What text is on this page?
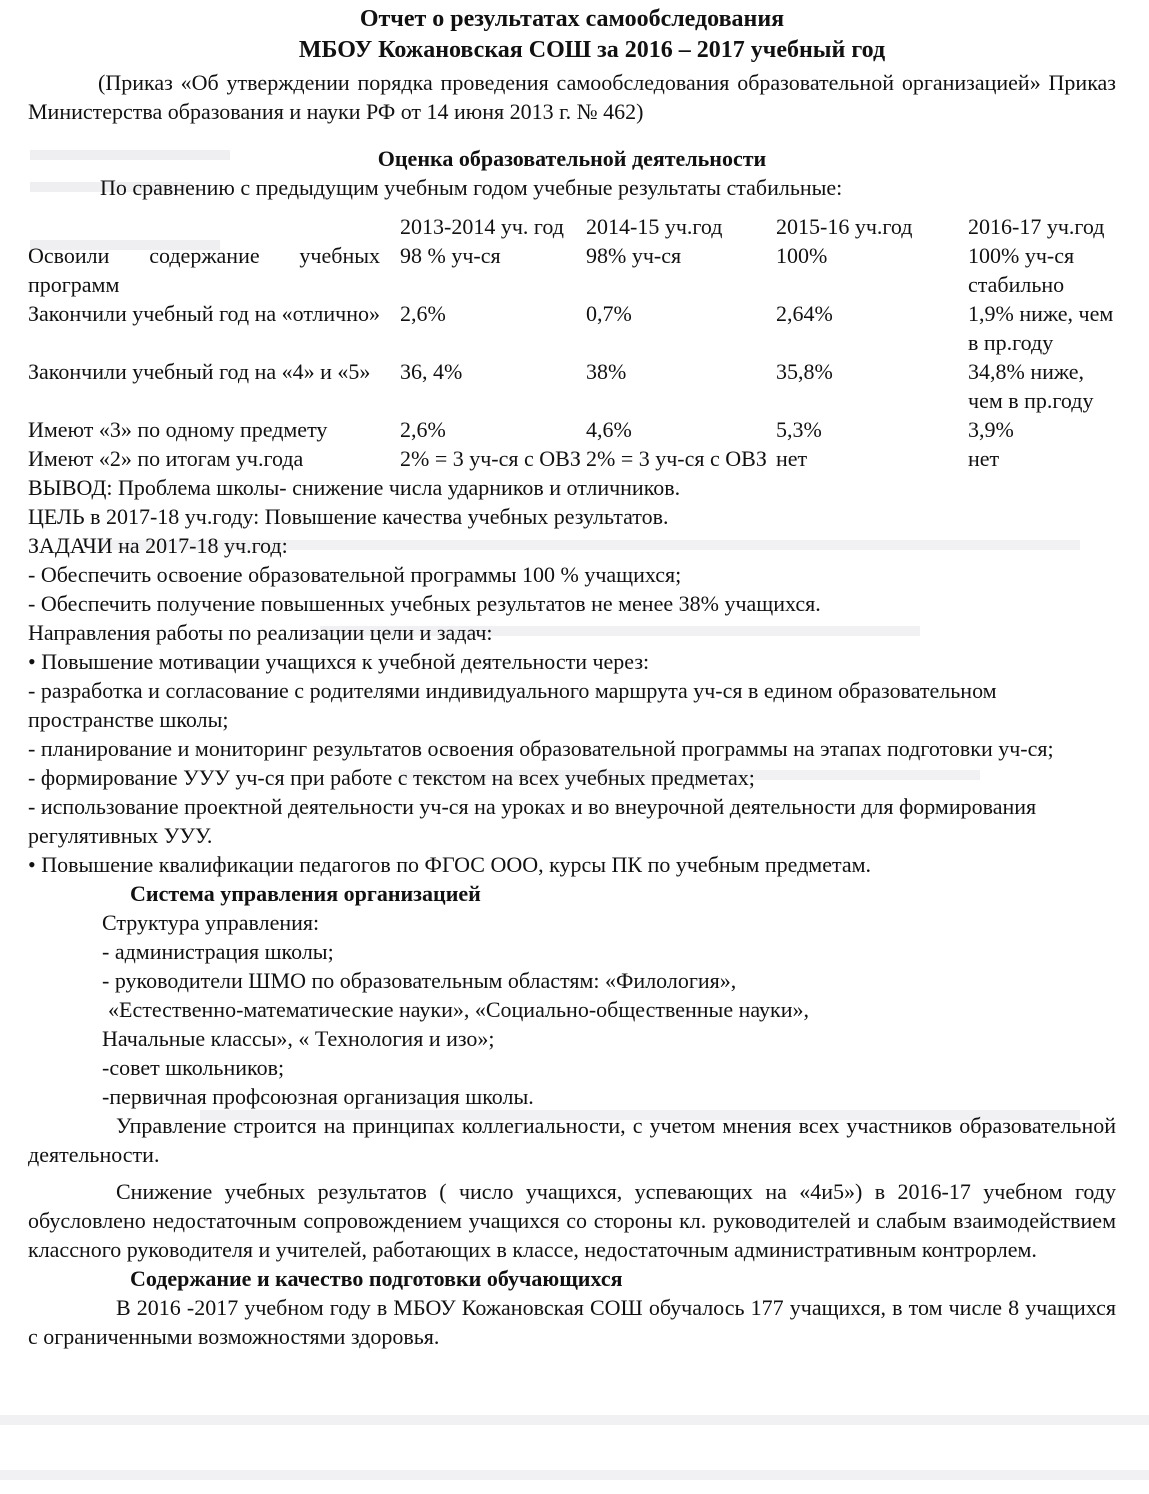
Отчет о результатах самообследования

МБОУ Кожановская СОШ за 2016 – 2017 учебный год

(Приказ «Об утверждении порядка проведения самообследования образовательной организацией» Приказ Министерства образования и науки РФ от 14 июня 2013 г. № 462)

Оценка образовательной деятельности

По сравнению с предыдущим учебным годом учебные результаты стабильные:

	2013-2014 уч. год	2014-15 уч.год	2015-16 уч.год	2016-17 уч.год
Освоили содержание учебных программ	98 % уч-ся	98% уч-ся	100%	100% уч-ся стабильно
Закончили учебный год на «отлично»	2,6%	0,7%	2,64%	1,9% ниже, чем в пр.году
Закончили учебный год на «4» и «5»	36, 4%	38%	35,8%	34,8% ниже, чем в пр.году
Имеют «3» по одному предмету	2,6%	4,6%	5,3%	3,9%
Имеют «2» по итогам уч.года	2% = 3 уч-ся с ОВЗ	2% = 3 уч-ся с ОВЗ	нет	нет

ВЫВОД: Проблема школы- снижение числа ударников и отличников.

ЦЕЛЬ в 2017-18 уч.году: Повышение качества учебных результатов.

ЗАДАЧИ на 2017-18 уч.год:

- Обеспечить освоение образовательной программы 100 % учащихся;

- Обеспечить получение повышенных учебных результатов не менее 38% учащихся.

Направления работы по реализации цели и задач:

• Повышение мотивации учащихся к учебной деятельности через:

- разработка и согласование с родителями индивидуального маршрута уч-ся в едином образовательном пространстве школы;

- планирование и мониторинг результатов освоения образовательной программы на этапах подготовки уч-ся;

- формирование УУУ уч-ся при работе с текстом на всех учебных предметах;

- использование проектной деятельности уч-ся на уроках и во внеурочной деятельности для формирования регулятивных УУУ.

• Повышение квалификации педагогов по ФГОС ООО, курсы ПК по учебным предметам.

Система управления организацией

Структура управления:

- администрация школы;

- руководители ШМО по образовательным областям: «Филология»,

«Естественно-математические науки», «Социально-общественные науки»,

Начальные классы», « Технология и изо»;

-совет школьников;

-первичная профсоюзная организация школы.

Управление строится на принципах коллегиальности, с учетом мнения всех участников образовательной деятельности.

Снижение учебных результатов ( число учащихся, успевающих на «4и5») в 2016-17 учебном году обусловлено недостаточным сопровождением учащихся со стороны кл. руководителей и слабым взаимодействием классного руководителя и учителей, работающих в классе, недостаточным административным контрорлем.

Содержание и качество подготовки обучающихся

В 2016 -2017 учебном году в МБОУ Кожановская СОШ обучалось 177 учащихся, в том числе 8 учащихся с ограниченными возможностями здоровья.
